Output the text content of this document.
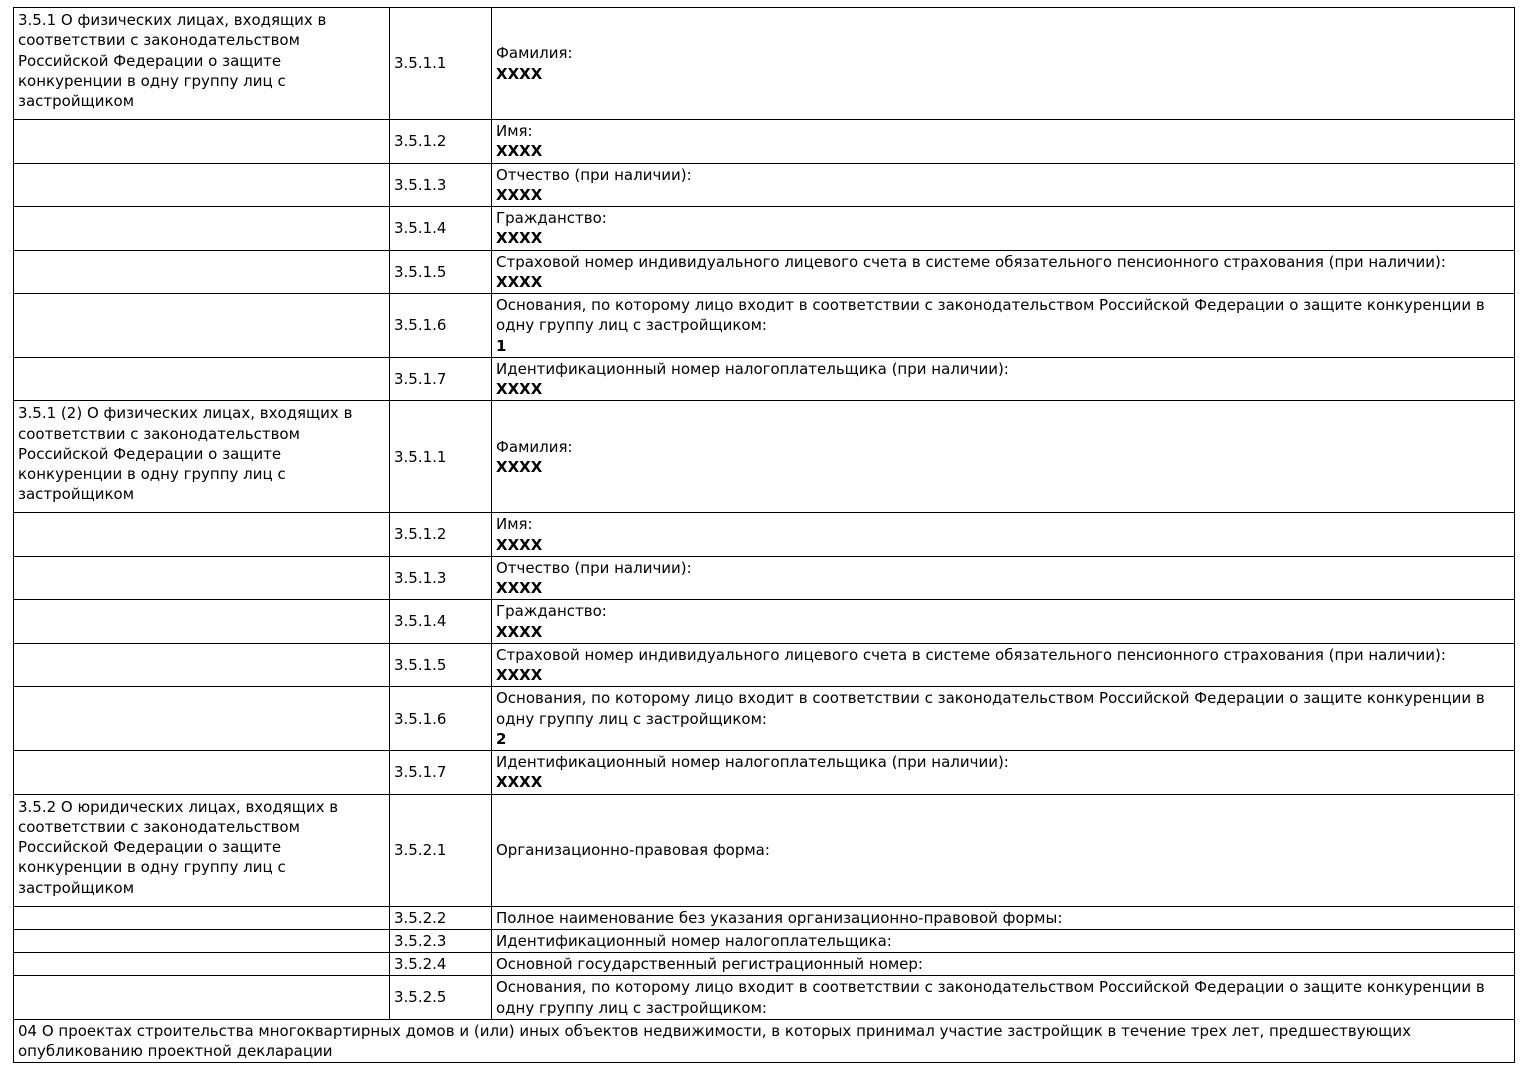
3.5.1 О физических лицах, входящих в соответствии с законодательством Российской Федерации о защите конкуренции в одну группу лиц с застройщиком	3.5.1.1	Фамилия:
XXXX

	3.5.1.2	Имя:
XXXX

	3.5.1.3	Отчество (при наличии):
XXXX

	3.5.1.4	Гражданство:
XXXX

	3.5.1.5	Страховой номер индивидуального лицевого счета в системе обязательного пенсионного страхования (при наличии):
XXXX

	3.5.1.6	Основания, по которому лицо входит в соответствии с законодательством Российской Федерации о защите конкуренции в одну группу лиц с застройщиком:
1

	3.5.1.7	Идентификационный номер налогоплательщика (при наличии):
XXXX

3.5.1 (2) О физических лицах, входящих в соответствии с законодательством Российской Федерации о защите конкуренции в одну группу лиц с застройщиком	3.5.1.1	Фамилия:
XXXX

	3.5.1.2	Имя:
XXXX

	3.5.1.3	Отчество (при наличии):
XXXX

	3.5.1.4	Гражданство:
XXXX

	3.5.1.5	Страховой номер индивидуального лицевого счета в системе обязательного пенсионного страхования (при наличии):
XXXX

	3.5.1.6	Основания, по которому лицо входит в соответствии с законодательством Российской Федерации о защите конкуренции в одну группу лиц с застройщиком:
2

	3.5.1.7	Идентификационный номер налогоплательщика (при наличии):
XXXX

3.5.2 О юридических лицах, входящих в соответствии с законодательством Российской Федерации о защите конкуренции в одну группу лиц с застройщиком	3.5.2.1	Организационно-правовая форма:

	3.5.2.2	Полное наименование без указания организационно-правовой формы:

	3.5.2.3	Идентификационный номер налогоплательщика:

	3.5.2.4	Основной государственный регистрационный номер:

	3.5.2.5	Основания, по которому лицо входит в соответствии с законодательством Российской Федерации о защите конкуренции в одну группу лиц с застройщиком:

04 О проектах строительства многоквартирных домов и (или) иных объектов недвижимости, в которых принимал участие застройщик в течение трех лет, предшествующих опубликованию проектной декларации		
